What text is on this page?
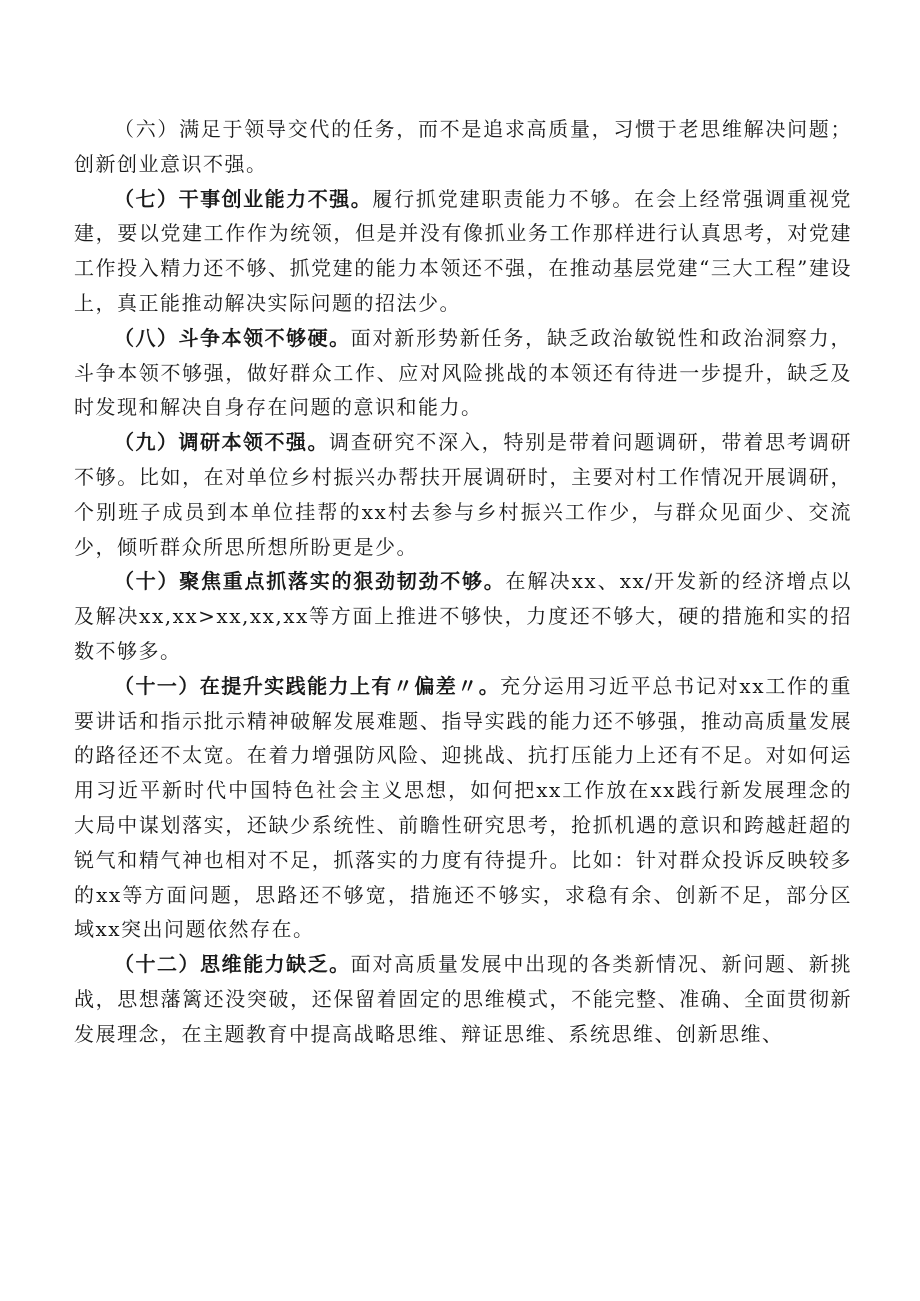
（六）满足于领导交代的任务，而不是追求高质量，习惯于老思维解决问题；创新创业意识不强。

（七）干事创业能力不强。履行抓党建职责能力不够。在会上经常强调重视党建，要以党建工作作为统领，但是并没有像抓业务工作那样进行认真思考，对党建工作投入精力还不够、抓党建的能力本领还不强，在推动基层党建“三大工程”建设上，真正能推动解决实际问题的招法少。

（八）斗争本领不够硬。面对新形势新任务，缺乏政治敏锐性和政治洞察力，斗争本领不够强，做好群众工作、应对风险挑战的本领还有待进一步提升，缺乏及时发现和解决自身存在问题的意识和能力。

（九）调研本领不强。调查研究不深入，特别是带着问题调研，带着思考调研不够。比如，在对单位乡村振兴办帮扶开展调研时，主要对村工作情况开展调研，个别班子成员到本单位挂帮的xx村去参与乡村振兴工作少，与群众见面少、交流少，倾听群众所思所想所盼更是少。

（十）聚焦重点抓落实的狠劲韧劲不够。在解决xx、xx/开发新的经济增点以及解决xx,xx>xx,xx,xx等方面上推进不够快，力度还不够大，硬的措施和实的招数不够多。

（十一）在提升实践能力上有〃偏差〃。充分运用习近平总书记对xx工作的重要讲话和指示批示精神破解发展难题、指导实践的能力还不够强，推动高质量发展的路径还不太宽。在着力增强防风险、迎挑战、抗打压能力上还有不足。对如何运用习近平新时代中国特色社会主义思想，如何把xx工作放在xx践行新发展理念的大局中谋划落实，还缺少系统性、前瞻性研究思考，抢抓机遇的意识和跨越赶超的锐气和精气神也相对不足，抓落实的力度有待提升。比如：针对群众投诉反映较多的xx等方面问题，思路还不够宽，措施还不够实，求稳有余、创新不足，部分区域xx突出问题依然存在。

（十二）思维能力缺乏。面对高质量发展中出现的各类新情况、新问题、新挑战，思想藩篱还没突破，还保留着固定的思维模式，不能完整、准确、全面贯彻新发展理念，在主题教育中提高战略思维、辩证思维、系统思维、创新思维、
